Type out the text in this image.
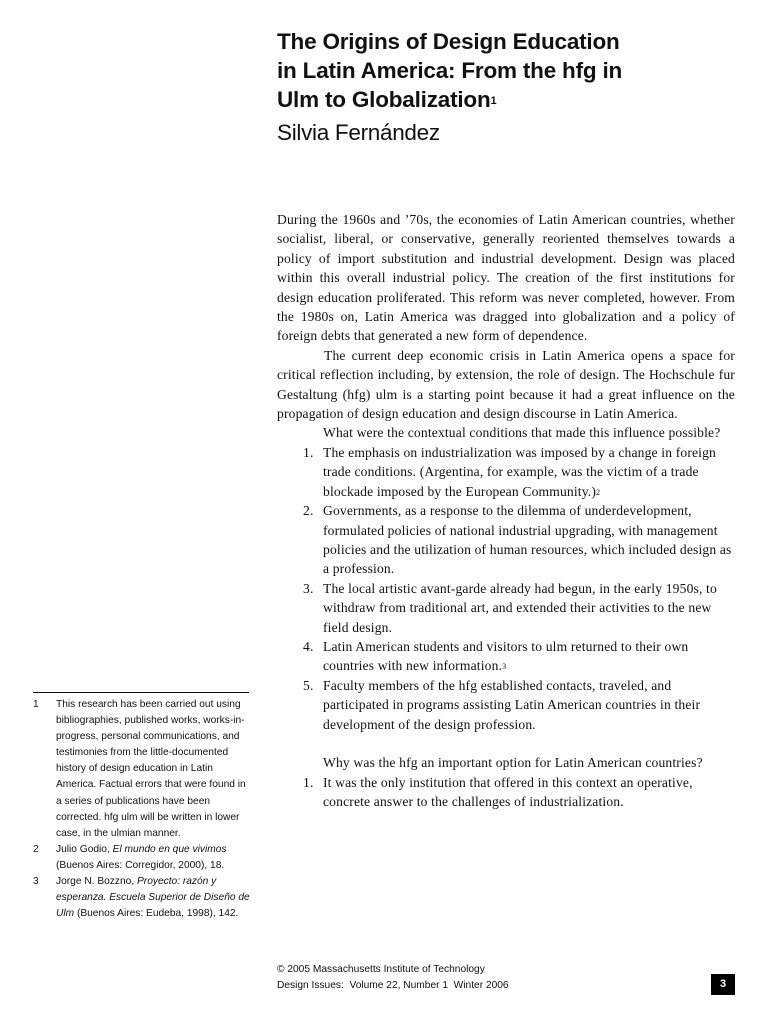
The Origins of Design Education
in Latin America: From the hfg in
Ulm to Globalization$^1$

Silvia Fernández

During the 1960s and ’70s, the economies of Latin American countries, whether socialist, liberal, or conservative, generally reoriented themselves towards a policy of import substitution and industrial development. Design was placed within this overall industrial policy. The creation of the first institutions for design education proliferated. This reform was never completed, however. From the 1980s on, Latin America was dragged into globalization and a policy of foreign debts that generated a new form of dependence.

The current deep economic crisis in Latin America opens a space for critical reflection including, by extension, the role of design. The Hochschule fur Gestaltung (hfg) ulm is a starting point because it had a great influence on the propagation of design education and design discourse in Latin America.

What were the contextual conditions that made this influence possible?

1. The emphasis on industrialization was imposed by a change in foreign trade conditions. (Argentina, for example, was the victim of a trade blockade imposed by the European Community.)$^2$
2. Governments, as a response to the dilemma of underdevelopment, formulated policies of national industrial upgrading, with management policies and the utilization of human resources, which included design as a profession.
3. The local artistic avant-garde already had begun, in the early 1950s, to withdraw from traditional art, and extended their activities to the new field design.
4. Latin American students and visitors to ulm returned to their own countries with new information.$^3$
5. Faculty members of the hfg established contacts, traveled, and participated in programs assisting Latin American countries in their development of the design profession.

Why was the hfg an important option for Latin American countries?

1. It was the only institution that offered in this context an operative, concrete answer to the challenges of industrialization.
1 This research has been carried out using bibliographies, published works, works-in-progress, personal communications, and testimonies from the little-documented history of design education in Latin America. Factual errors that were found in a series of publications have been corrected. hfg ulm will be written in lower case, in the ulmian manner.
2 Julio Godio, El mundo en que vivimos (Buenos Aires: Corregidor, 2000), 18.
3 Jorge N. Bozzno, Proyecto: razón y esperanza. Escuela Superior de Diseño de Ulm (Buenos Aires: Eudeba, 1998), 142.
© 2005 Massachusetts Institute of Technology
Design Issues:  Volume 22, Number 1  Winter 2006	3
